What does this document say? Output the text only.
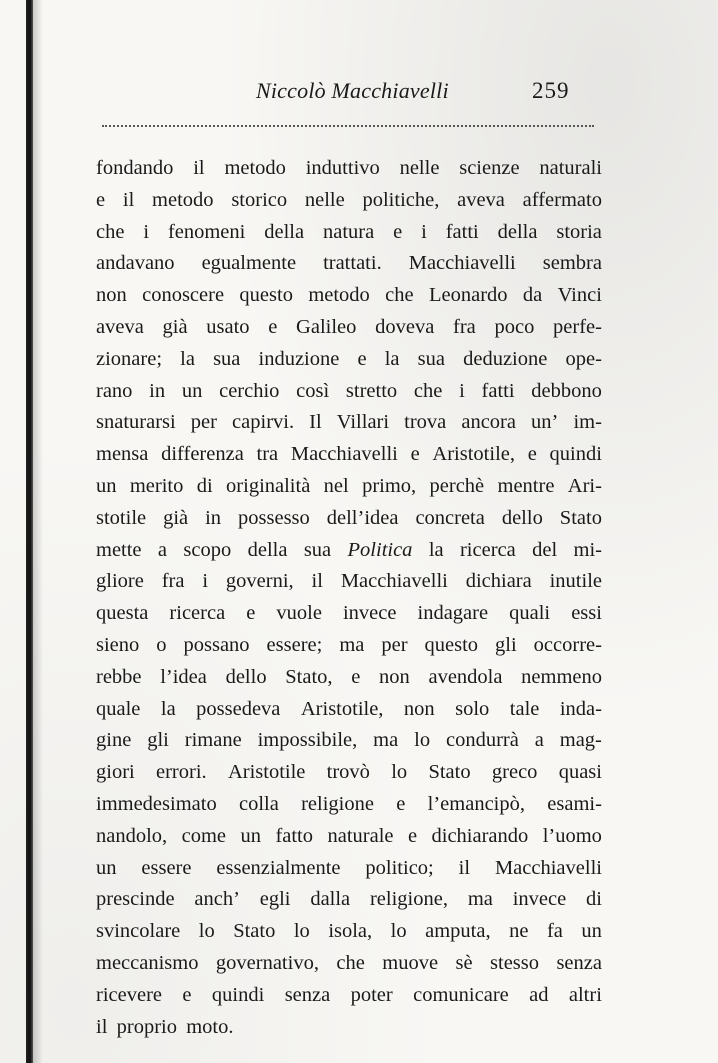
Niccolò Macchiavelli	259
fondando il metodo induttivo nelle scienze naturali
e il metodo storico nelle politiche, aveva affermato
che i fenomeni della natura e i fatti della storia
andavano egualmente trattati. Macchiavelli sembra
non conoscere questo metodo che Leonardo da Vinci
aveva già usato e Galileo doveva fra poco perfe-
zionare; la sua induzione e la sua deduzione ope-
rano in un cerchio così stretto che i fatti debbono
snaturarsi per capirvi. Il Villari trova ancora un’ im-
mensa differenza tra Macchiavelli e Aristotile, e quindi
un merito di originalità nel primo, perchè mentre Ari-
stotile già in possesso dell’idea concreta dello Stato
mette a scopo della sua Politica la ricerca del mi-
gliore fra i governi, il Macchiavelli dichiara inutile
questa ricerca e vuole invece indagare quali essi
sieno o possano essere; ma per questo gli occorre-
rebbe l’idea dello Stato, e non avendola nemmeno
quale la possedeva Aristotile, non solo tale inda-
gine gli rimane impossibile, ma lo condurrà a mag-
giori errori. Aristotile trovò lo Stato greco quasi
immedesimato colla religione e l’emancipò, esami-
nandolo, come un fatto naturale e dichiarando l’uomo
un essere essenzialmente politico; il Macchiavelli
prescinde anch’ egli dalla religione, ma invece di
svincolare lo Stato lo isola, lo amputa, ne fa un
meccanismo governativo, che muove sè stesso senza
ricevere e quindi senza poter comunicare ad altri
il proprio moto.
